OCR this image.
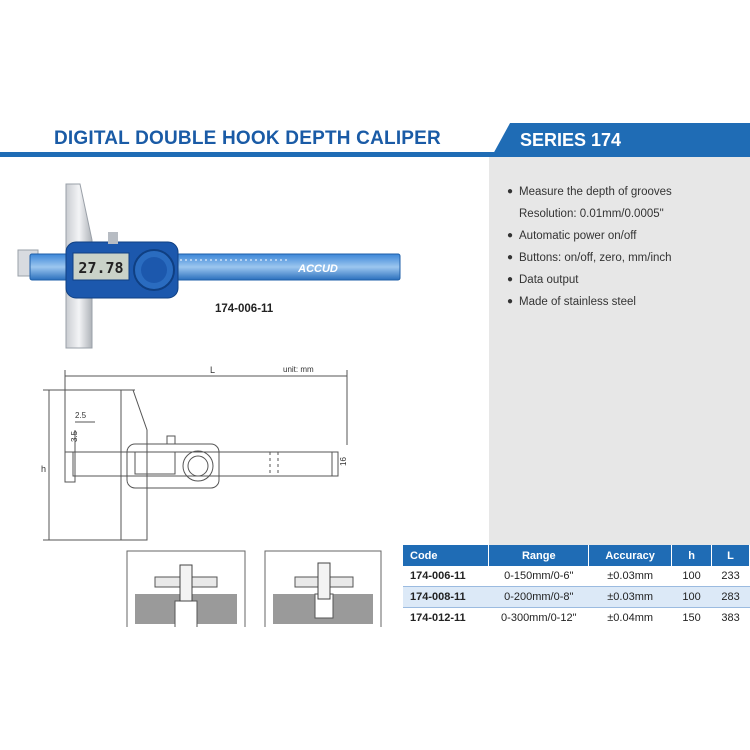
DIGITAL DOUBLE HOOK DEPTH CALIPER	SERIES 174
● Measure the depth of grooves
Resolution: 0.01mm/0.0005"
● Automatic power on/off
● Buttons: on/off, zero, mm/inch
● Data output
● Made of stainless steel
27.78	ACCUD
174-006-11
L	unit: mm
h
2.5
3.5
16
Code	Range	Accuracy	h	L
174-006-11	0-150mm/0-6"	±0.03mm	100	233
174-008-11	0-200mm/0-8"	±0.03mm	100	283
174-012-11	0-300mm/0-12"	±0.04mm	150	383
